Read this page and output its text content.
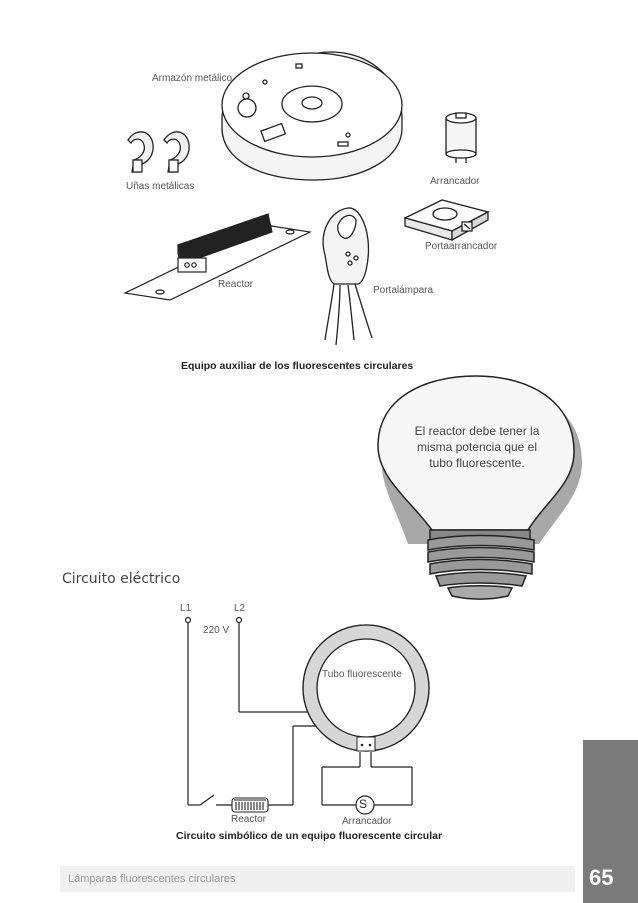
Armazón metálico
Uñas metálicas	Arrancador
Portaarrancador
Reactor
Portalámpara
Equipo auxiliar de los fluorescentes circulares
El reactor debe tener la misma potencia que el tubo fluorescente.
Circuito eléctrico
S
L1	L2
220 V
Tubo fluorescente
Reactor	Arrancador
Circuito simbólico de un equipo fluorescente circular
Lámparas fluorescentes circulares	65
